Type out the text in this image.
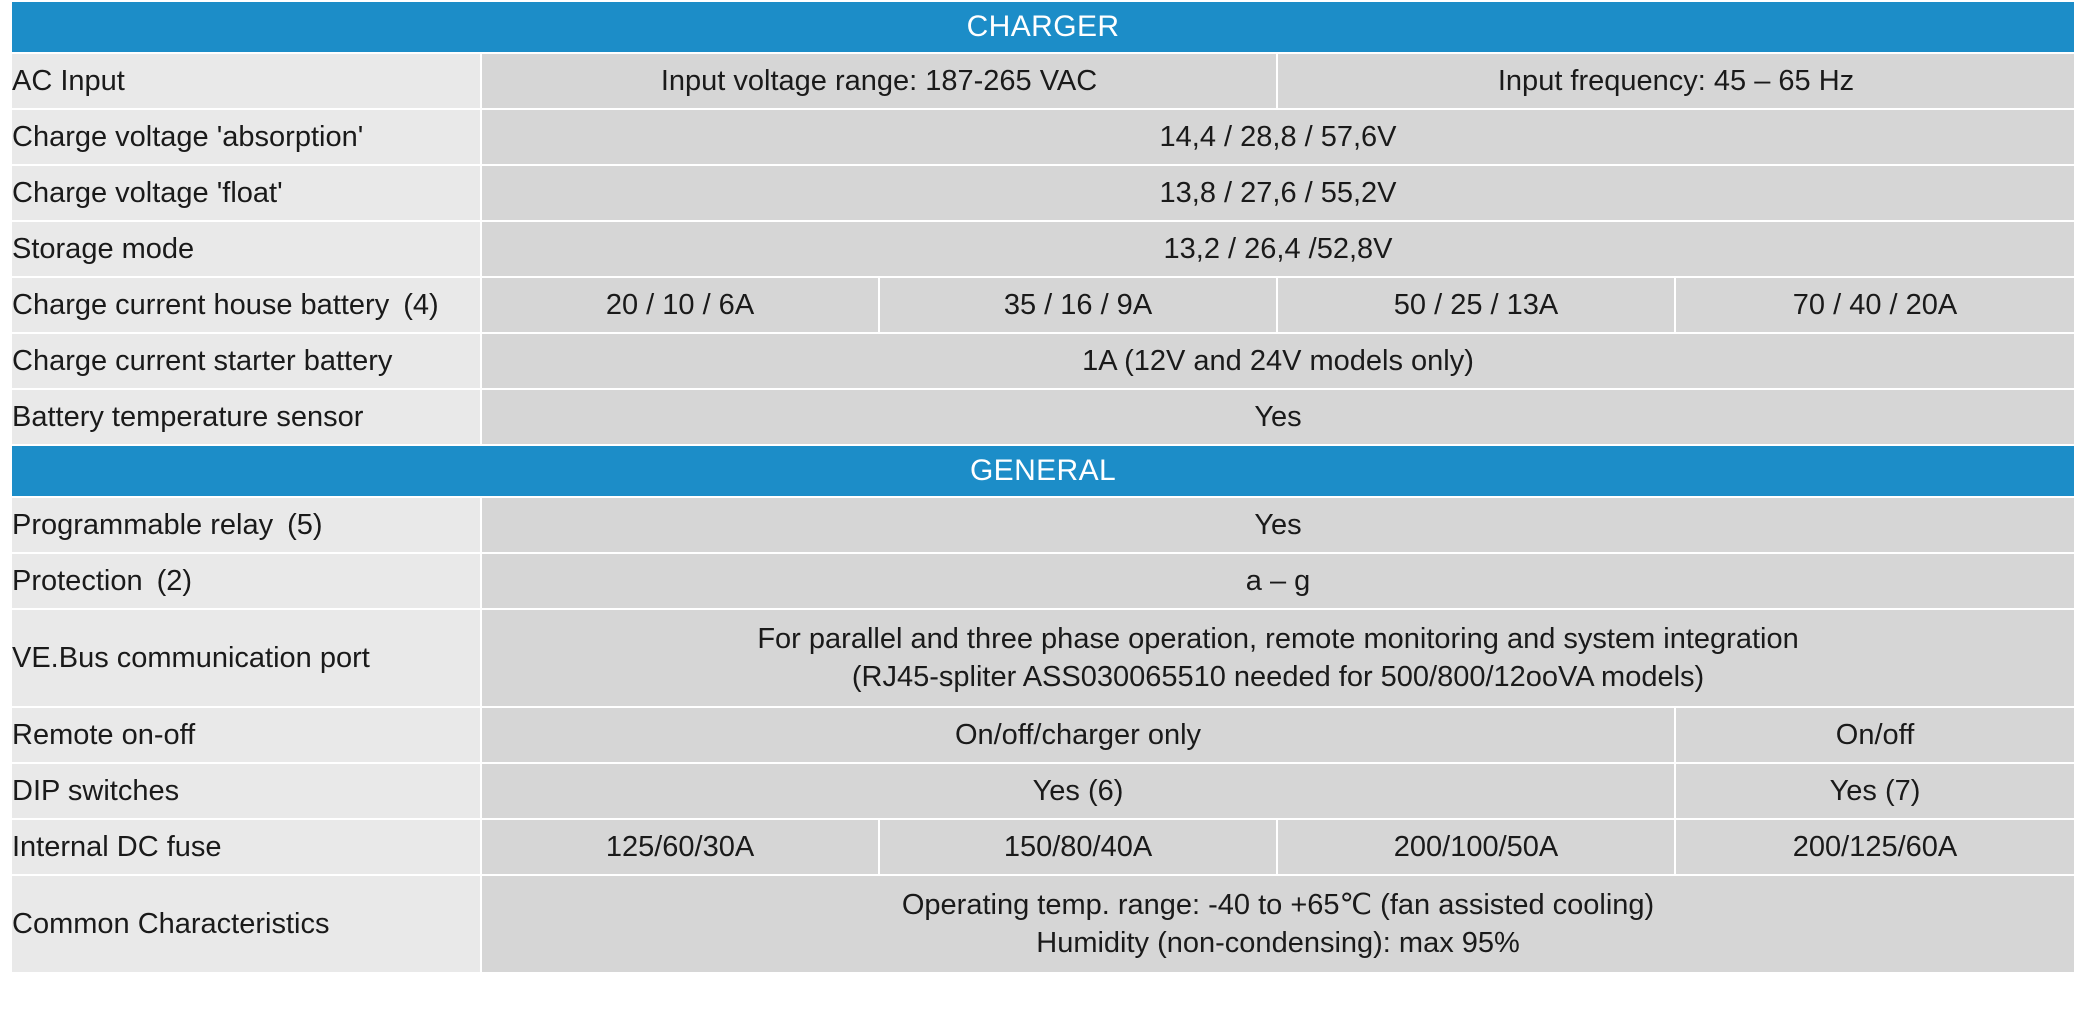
CHARGER				
AC Input	Input voltage range: 187-265 VAC		Input frequency: 45 – 65 Hz	

Charge voltage 'absorption'	14,4 / 28,8 / 57,6V			

Charge voltage 'float'	13,8 / 27,6 / 55,2V			

Storage mode	13,2 / 26,4 /52,8V			

Charge current house battery (4)	20 / 10 / 6A	35 / 16 / 9A	50 / 25 / 13A	70 / 40 / 20A

Charge current starter battery	1A (12V and 24V models only)			

Battery temperature sensor	Yes			

GENERAL				
Programmable relay (5)	Yes			

Protection (2)	a – g			

VE.Bus communication port	For parallel and three phase operation, remote monitoring and system integration
(RJ45-spliter ASS030065510 needed for 500/800/12ooVA models)			

Remote on-off	On/off/charger only			On/off

DIP switches	Yes (6)			Yes (7)

Internal DC fuse	125/60/30A	150/80/40A	200/100/50A	200/125/60A

Common Characteristics	Operating temp. range: -40 to +65℃ (fan assisted cooling)
Humidity (non-condensing): max 95%			
